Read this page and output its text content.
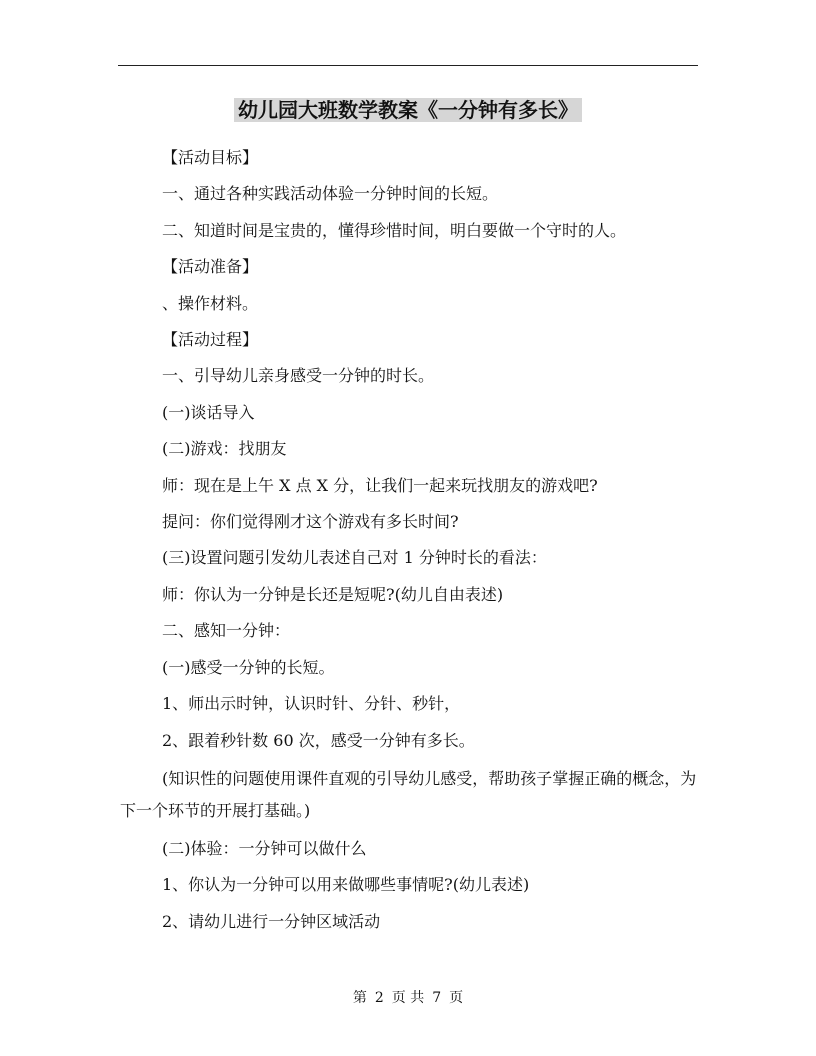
幼儿园大班数学教案《一分钟有多长》

【活动目标】

一、通过各种实践活动体验一分钟时间的长短。

二、知道时间是宝贵的，懂得珍惜时间，明白要做一个守时的人。

【活动准备】

、操作材料。

【活动过程】

一、引导幼儿亲身感受一分钟的时长。

(一)谈话导入

(二)游戏：找朋友

师：现在是上午 X 点 X 分，让我们一起来玩找朋友的游戏吧?

提问：你们觉得刚才这个游戏有多长时间?

(三)设置问题引发幼儿表述自己对 1 分钟时长的看法：

师：你认为一分钟是长还是短呢?(幼儿自由表述)

二、感知一分钟：

(一)感受一分钟的长短。

1、师出示时钟，认识时针、分针、秒针，

2、跟着秒针数 60 次，感受一分钟有多长。

(知识性的问题使用课件直观的引导幼儿感受，帮助孩子掌握正确的概念，为下一个环节的开展打基础。)

(二)体验：一分钟可以做什么

1、你认为一分钟可以用来做哪些事情呢?(幼儿表述)

2、请幼儿进行一分钟区域活动

第 2 页 共 7 页
